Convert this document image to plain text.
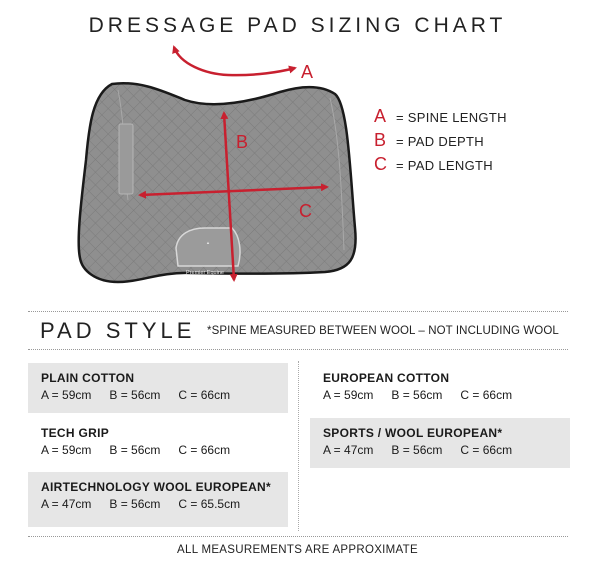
DRESSAGE PAD SIZING CHART
▲
Premier Equine
A
B
C
A = SPINE LENGTH
B = PAD DEPTH
C = PAD LENGTH
PAD STYLE *SPINE MEASURED BETWEEN WOOL – NOT INCLUDING WOOL
PLAIN COTTON
A = 59cm B = 56cm C = 66cm
TECH GRIP
A = 59cm B = 56cm C = 66cm
AIRTECHNOLOGY WOOL EUROPEAN*
A = 47cm B = 56cm C = 65.5cm
EUROPEAN COTTON
A = 59cm B = 56cm C = 66cm
SPORTS / WOOL EUROPEAN*
A = 47cm B = 56cm C = 66cm
ALL MEASUREMENTS ARE APPROXIMATE
